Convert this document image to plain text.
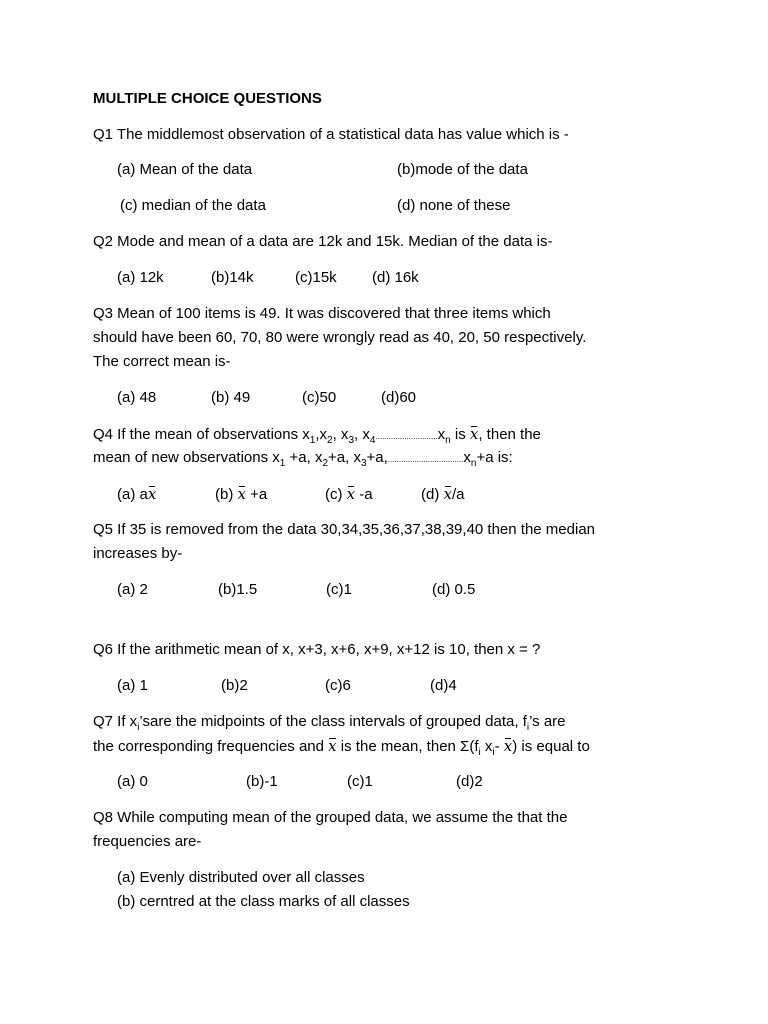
MULTIPLE CHOICE QUESTIONS
Q1 The middlemost observation of a statistical data has value which is -
(a) Mean of the data	(b)mode of the data
(c) median of the data	(d) none of these
Q2 Mode and mean of a data are 12k and 15k. Median of the data is-
(a) 12k	(b)14k	(c)15k (d) 16k
Q3 Mean of 100 items is 49. It was discovered that three items which
should have been 60, 70, 80 were wrongly read as 40, 20, 50 respectively.
The correct mean is-
(a) 48	(b) 49	(c)50	(d)60
Q4 If the mean of observations $x_1,x_2$, $x_3$, $x_4............................x_n$ is x, then the
mean of new observations $x_1 +a$, $x_2+a$, $x_3+a,..................................x_n+a$ is:
(a) ax	(b) x +a	(c) x -a	(d) x/a
Q5 If 35 is removed from the data 30,34,35,36,37,38,39,40 then the median
increases by-
(a) 2	(b)1.5	(c)1	(d) 0.5
Q6 If the arithmetic mean of x, x+3, x+6, x+9, x+12 is 10, then x = ?
(a) 1	(b)2	(c)6	(d)4
Q7 If $x_i’sare$ the midpoints of the class intervals of grouped data, $f_i’s$ are
the corresponding frequencies and x is the mean, then $\Sigma(f_i$ $x_i-$ x) is equal to
(a) 0	(b)-1	(c)1	(d)2
Q8 While computing mean of the grouped data, we assume the that the
frequencies are-
(a) Evenly distributed over all classes
(b) cerntred at the class marks of all classes
